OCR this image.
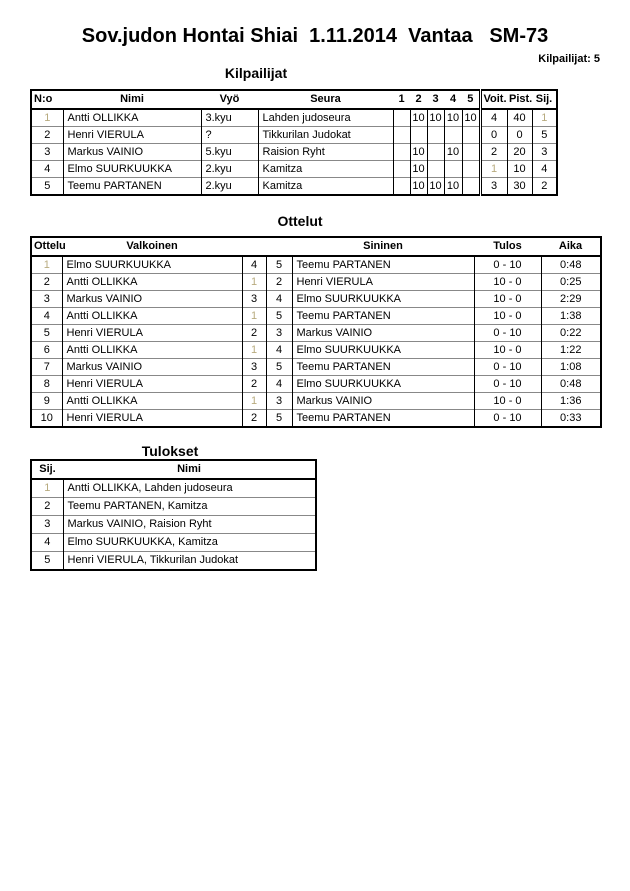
Sov.judon Hontai Shiai  1.11.2014  Vantaa   SM-73
Kilpailijat: 5
Kilpailijat
N:o	Nimi	Vyö	Seura	1	2	3	4	5	Voit.	Pist.	Sij.
1	Antti OLLIKKA	3.kyu	Lahden judoseura		10	10	10	10	4	40	1
2	Henri VIERULA	?	Tikkurilan Judokat						0	0	5
3	Markus VAINIO	5.kyu	Raision Ryht		10		10		2	20	3
4	Elmo SUURKUUKKA	2.kyu	Kamitza		10				1	10	4
5	Teemu PARTANEN	2.kyu	Kamitza		10	10	10		3	30	2
Ottelut
Ottelu	Valkoinen			Sininen	Tulos	Aika
1	Elmo SUURKUUKKA	4	5	Teemu PARTANEN	0 - 10	0:48
2	Antti OLLIKKA	1	2	Henri VIERULA	10 - 0	0:25
3	Markus VAINIO	3	4	Elmo SUURKUUKKA	10 - 0	2:29
4	Antti OLLIKKA	1	5	Teemu PARTANEN	10 - 0	1:38
5	Henri VIERULA	2	3	Markus VAINIO	0 - 10	0:22
6	Antti OLLIKKA	1	4	Elmo SUURKUUKKA	10 - 0	1:22
7	Markus VAINIO	3	5	Teemu PARTANEN	0 - 10	1:08
8	Henri VIERULA	2	4	Elmo SUURKUUKKA	0 - 10	0:48
9	Antti OLLIKKA	1	3	Markus VAINIO	10 - 0	1:36
10	Henri VIERULA	2	5	Teemu PARTANEN	0 - 10	0:33
Tulokset
Sij.	Nimi
1	Antti OLLIKKA, Lahden judoseura
2	Teemu PARTANEN, Kamitza
3	Markus VAINIO, Raision Ryht
4	Elmo SUURKUUKKA, Kamitza
5	Henri VIERULA, Tikkurilan Judokat
